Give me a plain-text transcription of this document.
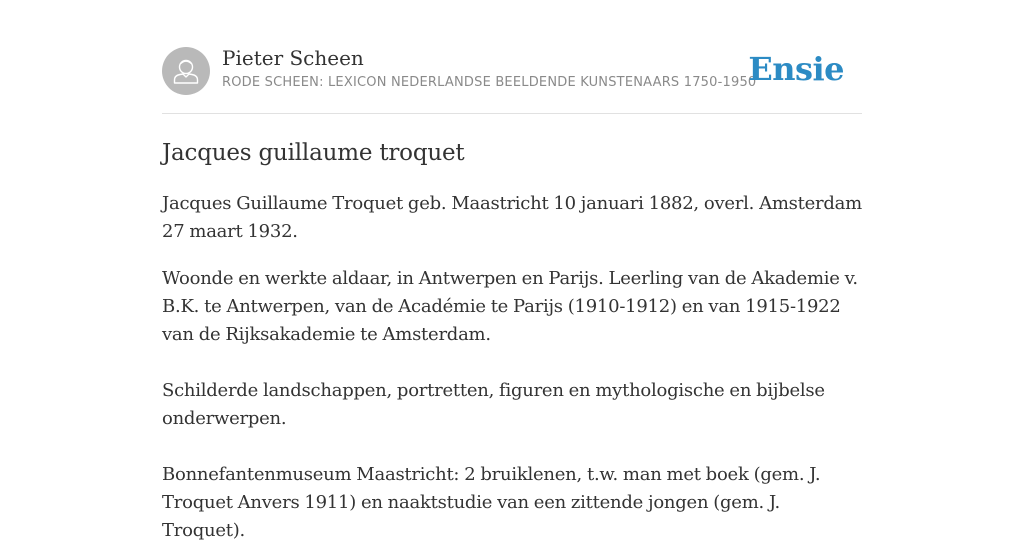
Pieter Scheen
RODE SCHEEN: LEXICON NEDERLANDSE BEELDENDE KUNSTENAARS 1750-1950
Ensie
Jacques guillaume troquet

Jacques Guillaume Troquet geb. Maastricht 10 januari 1882, overl. Amsterdam 27 maart 1932.

Woonde en werkte aldaar, in Antwerpen en Parijs. Leerling van de Akademie v. B.K. te Antwerpen, van de Académie te Parijs (1910-1912) en van 1915-1922 van de Rijksakademie te Amsterdam.

Schilderde landschappen, portretten, figuren en mythologische en bijbelse onderwerpen.

Bonnefantenmuseum Maastricht: 2 bruiklenen, t.w. man met boek (gem. J. Troquet Anvers 1911) en naaktstudie van een zittende jongen (gem. J. Troquet).
